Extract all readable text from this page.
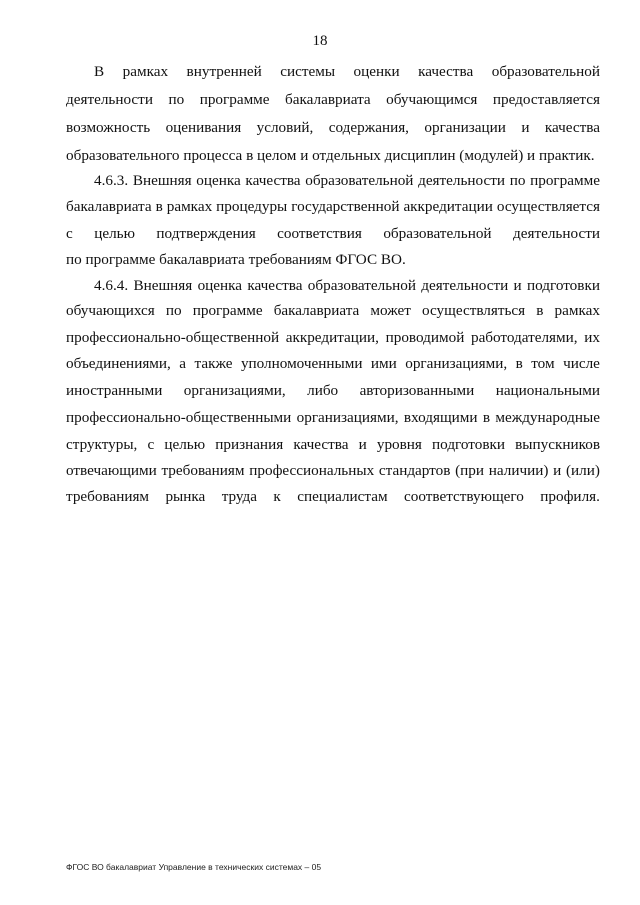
18
В рамках внутренней системы оценки качества образовательной
деятельности по программе бакалавриата обучающимся предоставляется
возможность оценивания условий, содержания, организации и качества
образовательного процесса в целом и отдельных дисциплин (модулей) и практик.
4.6.3. Внешняя оценка качества образовательной деятельности по программе
бакалавриата в рамках процедуры государственной аккредитации осуществляется
с целью подтверждения соответствия образовательной деятельности
по программе бакалавриата требованиям ФГОС ВО.
4.6.4. Внешняя оценка качества образовательной деятельности и подготовки
обучающихся по программе бакалавриата может осуществляться в рамках
профессионально-общественной аккредитации, проводимой работодателями, их
объединениями, а также уполномоченными ими организациями, в том числе
иностранными организациями, либо авторизованными национальными
профессионально-общественными организациями, входящими в международные
структуры, с целью признания качества и уровня подготовки выпускников
отвечающими требованиям профессиональных стандартов (при наличии) и (или)
требованиям рынка труда к специалистам соответствующего профиля.
ФГОС ВО бакалавриат Управление в технических системах – 05
